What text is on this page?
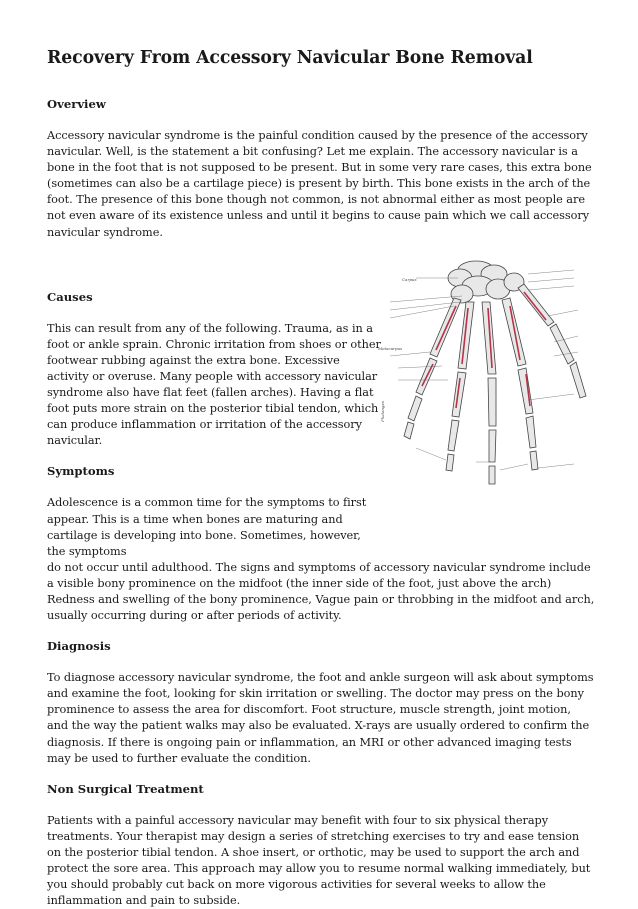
Recovery From Accessory Navicular Bone Removal
Overview

Accessory navicular syndrome is the painful condition caused by the presence of the accessory navicular. Well, is the statement a bit confusing? Let me explain. The accessory navicular is a bone in the foot that is not supposed to be present. But in some very rare cases, this extra bone (sometimes can also be a cartilage piece) is present by birth. This bone exists in the arch of the foot. The presence of this bone though not common, is not abnormal either as most people are not even aware of its existence unless and until it begins to cause pain which we call accessory navicular syndrome.

Causes

This can result from any of the following. Trauma, as in a foot or ankle sprain. Chronic irritation from shoes or other footwear rubbing against the extra bone. Excessive activity or overuse. Many people with accessory navicular syndrome also have flat feet (fallen arches). Having a flat foot puts more strain on the posterior tibial tendon, which can produce inflammation or irritation of the accessory navicular.

Symptoms

Adolescence is a common time for the symptoms to first appear. This is a time when bones are maturing and cartilage is developing into bone. Sometimes, however, the symptoms

do not occur until adulthood. The signs and symptoms of accessory navicular syndrome include a visible bony prominence on the midfoot (the inner side of the foot, just above the arch) Redness and swelling of the bony prominence, Vague pain or throbbing in the midfoot and arch, usually occurring during or after periods of activity.

Diagnosis

To diagnose accessory navicular syndrome, the foot and ankle surgeon will ask about symptoms and examine the foot, looking for skin irritation or swelling. The doctor may press on the bony prominence to assess the area for discomfort. Foot structure, muscle strength, joint motion, and the way the patient walks may also be evaluated. X-rays are usually ordered to confirm the diagnosis. If there is ongoing pain or inflammation, an MRI or other advanced imaging tests may be used to further evaluate the condition.

Non Surgical Treatment

Patients with a painful accessory navicular may benefit with four to six physical therapy treatments. Your therapist may design a series of stretching exercises to try and ease tension on the posterior tibial tendon. A shoe insert, or orthotic, may be used to support the arch and protect the sore area. This approach may allow you to resume normal walking immediately, but you should probably cut back on more vigorous activities for several weeks to allow the inflammation and pain to subside.

Carpus
Metacarpus
Phalanges
